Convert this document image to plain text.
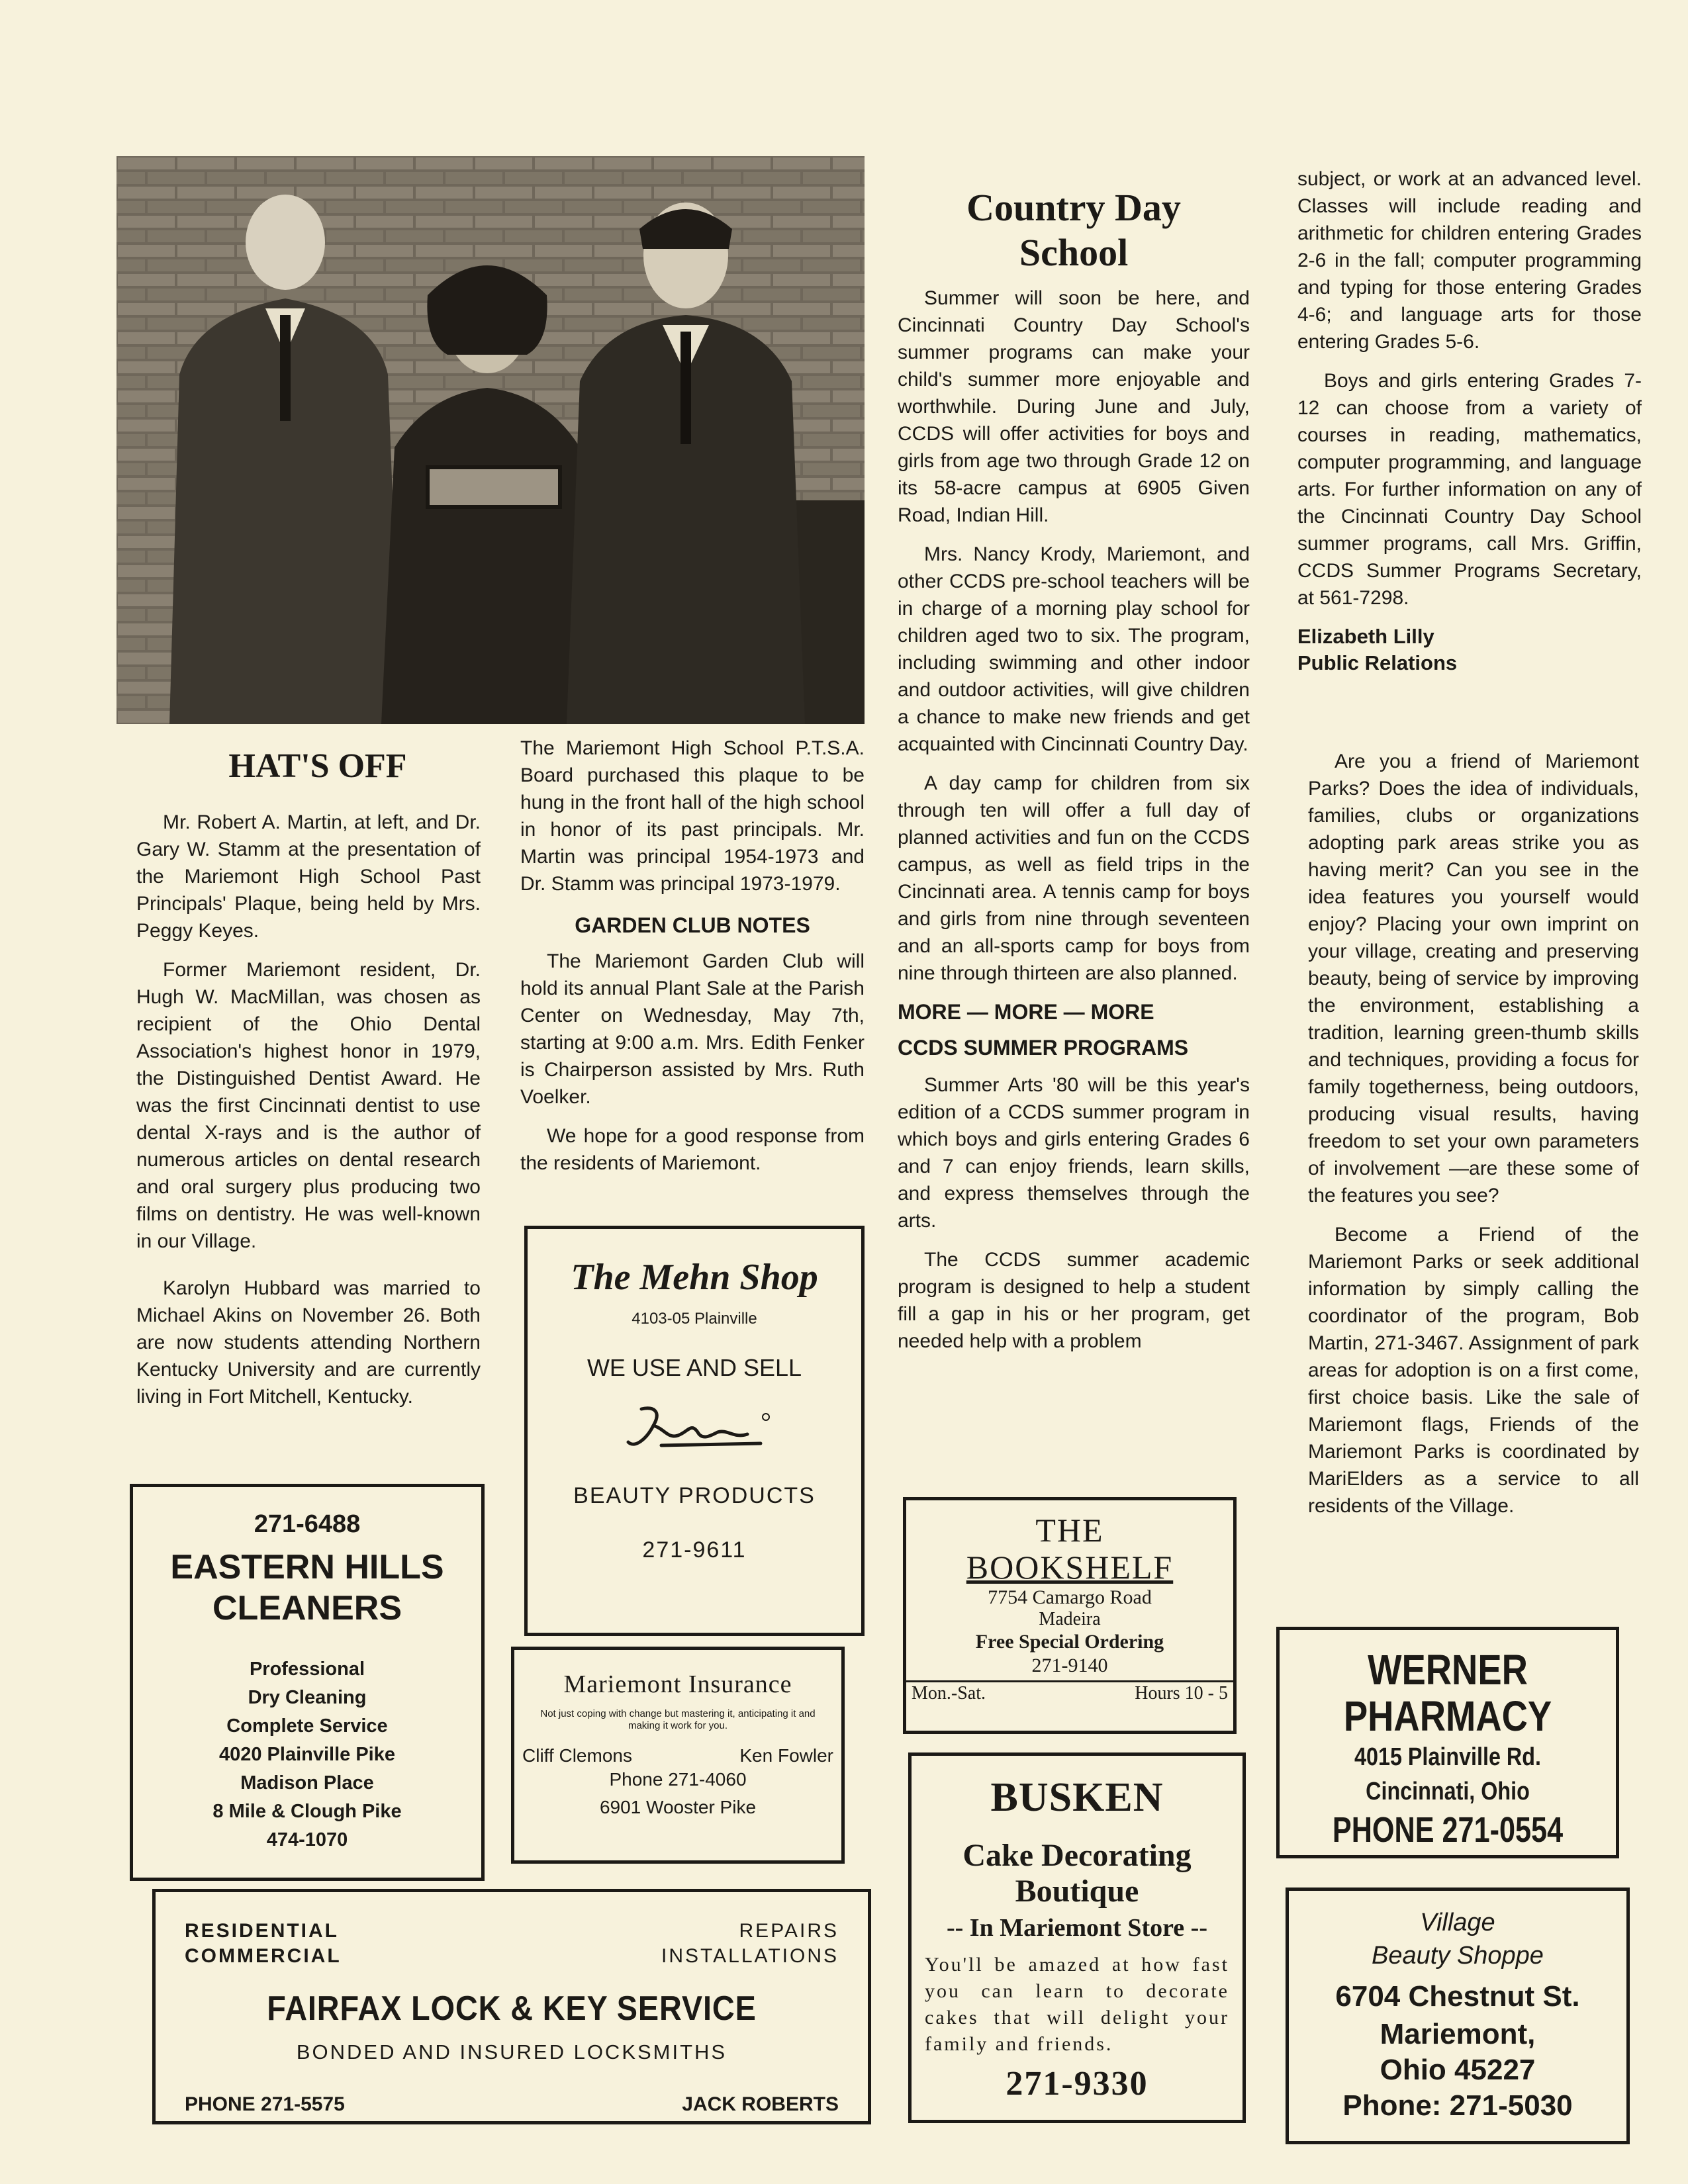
HAT'S OFF

Mr. Robert A. Martin, at left, and Dr. Gary W. Stamm at the presentation of the Mariemont High School Past Principals' Plaque, being held by Mrs. Peggy Keyes.

Former Mariemont resident, Dr. Hugh W. MacMillan, was chosen as recipient of the Ohio Dental Association's highest honor in 1979, the Distinguished Dentist Award. He was the first Cincinnati dentist to use dental X-rays and is the author of numerous articles on dental research and oral surgery plus producing two films on dentistry. He was well-known in our Village.

Karolyn Hubbard was married to Michael Akins on November 26. Both are now students attending Northern Kentucky University and are currently living in Fort Mitchell, Kentucky.

The Mariemont High School P.T.S.A. Board purchased this plaque to be hung in the front hall of the high school in honor of its past principals. Mr. Martin was principal 1954-1973 and Dr. Stamm was principal 1973-1979.

GARDEN CLUB NOTES

The Mariemont Garden Club will hold its annual Plant Sale at the Parish Center on Wednesday, May 7th, starting at 9:00 a.m. Mrs. Edith Fenker is Chairperson assisted by Mrs. Ruth Voelker.

We hope for a good response from the residents of Mariemont.

Country Day
School

Summer will soon be here, and Cincinnati Country Day School's summer programs can make your child's summer more enjoyable and worthwhile. During June and July, CCDS will offer activities for boys and girls from age two through Grade 12 on its 58-acre campus at 6905 Given Road, Indian Hill.

Mrs. Nancy Krody, Mariemont, and other CCDS pre-school teachers will be in charge of a morning play school for children aged two to six. The program, including swimming and other indoor and outdoor activities, will give children a chance to make new friends and get acquainted with Cincinnati Country Day.

A day camp for children from six through ten will offer a full day of planned activities and fun on the CCDS campus, as well as field trips in the Cincinnati area. A tennis camp for boys and girls from nine through seventeen and an all-sports camp for boys from nine through thirteen are also planned.

MORE — MORE — MORE
CCDS SUMMER PROGRAMS

Summer Arts '80 will be this year's edition of a CCDS summer program in which boys and girls entering Grades 6 and 7 can enjoy friends, learn skills, and express themselves through the arts.

The CCDS summer academic program is designed to help a student fill a gap in his or her program, get needed help with a problem

subject, or work at an advanced level. Classes will include reading and arithmetic for children entering Grades 2-6 in the fall; computer programming and typing for those entering Grades 4-6; and language arts for those entering Grades 5-6.

Boys and girls entering Grades 7-12 can choose from a variety of courses in reading, mathematics, computer programming, and language arts. For further information on any of the Cincinnati Country Day School summer programs, call Mrs. Griffin, CCDS Summer Programs Secretary, at 561-7298.

Elizabeth Lilly
Public Relations

Are you a friend of Mariemont Parks? Does the idea of individuals, families, clubs or organizations adopting park areas strike you as having merit? Can you see in the idea features you yourself would enjoy? Placing your own imprint on your village, creating and preserving beauty, being of service by improving the environment, establishing a tradition, learning green-thumb skills and techniques, providing a focus for family togetherness, being outdoors, producing visual results, having freedom to set your own parameters of involvement —are these some of the features you see?

Become a Friend of the Mariemont Parks or seek additional information by simply calling the coordinator of the program, Bob Martin, 271-3467. Assignment of park areas for adoption is on a first come, first choice basis. Like the sale of Mariemont flags, Friends of the Mariemont Parks is coordinated by MariElders as a service to all residents of the Village.

271-6488
EASTERN HILLS
CLEANERS
Professional
Dry Cleaning
Complete Service
4020 Plainville Pike
Madison Place
8 Mile & Clough Pike
474-1070
The Mehn Shop
4103-05 Plainville
WE USE AND SELL
BEAUTY PRODUCTS
271-9611
Mariemont Insurance
Not just coping with change but mastering it, anticipating it and making it work for you.
Cliff Clemons	Ken Fowler
Phone 271-4060
6901 Wooster Pike
RESIDENTIAL
COMMERCIAL
REPAIRS
INSTALLATIONS
FAIRFAX LOCK & KEY SERVICE
BONDED AND INSURED LOCKSMITHS
PHONE 271-5575	JACK ROBERTS
THE
BOOKSHELF
7754 Camargo Road
Madeira
Free Special Ordering
271-9140
Mon.-Sat.	Hours 10 - 5
BUSKEN
Cake Decorating
Boutique
-- In Mariemont Store --
You'll be amazed at how fast you can learn to decorate cakes that will delight your family and friends.
271-9330
WERNER
PHARMACY
4015 Plainville Rd.
Cincinnati, Ohio
PHONE 271-0554
Village
Beauty Shoppe
6704 Chestnut St.
Mariemont,
Ohio 45227
Phone: 271-5030
